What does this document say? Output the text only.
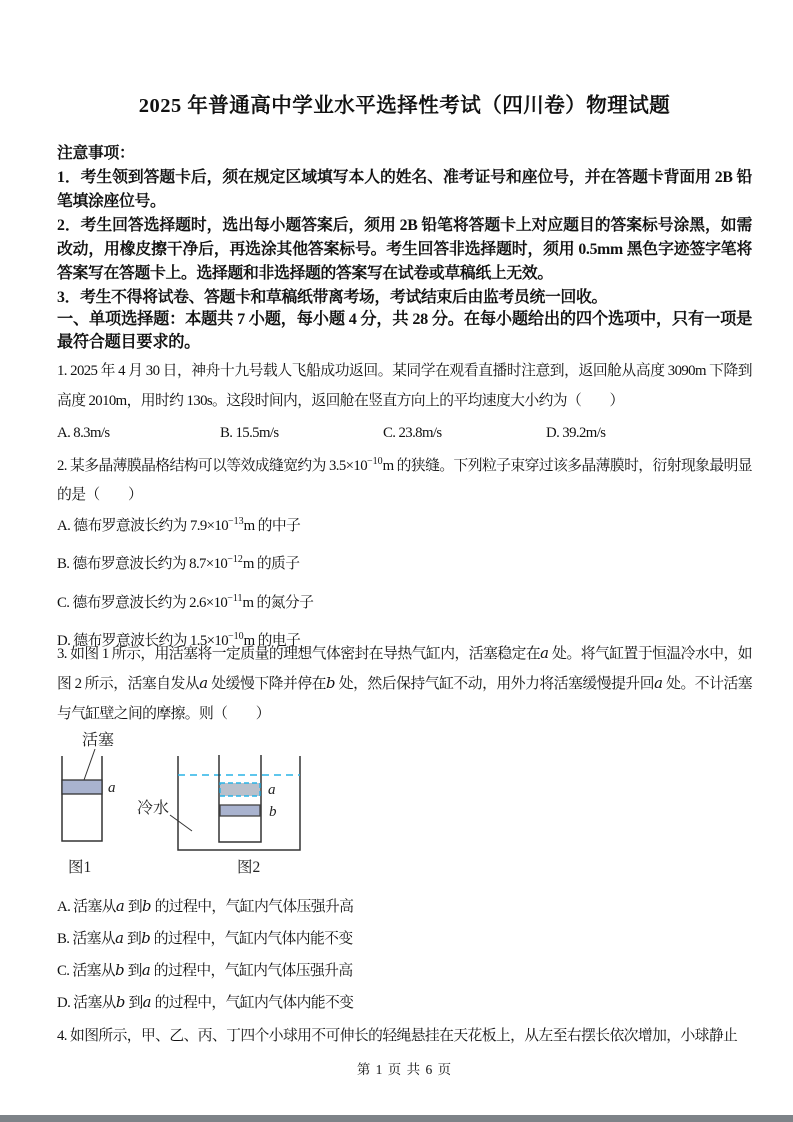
2025 年普通高中学业水平选择性考试（四川卷）物理试题

注意事项：

1．考生领到答题卡后，须在规定区域填写本人的姓名、准考证号和座位号，并在答题卡背面用 2B 铅笔填涂座位号。

2．考生回答选择题时，选出每小题答案后，须用 2B 铅笔将答题卡上对应题目的答案标号涂黑，如需改动，用橡皮擦干净后，再选涂其他答案标号。考生回答非选择题时，须用 0.5mm 黑色字迹签字笔将答案写在答题卡上。选择题和非选择题的答案写在试卷或草稿纸上无效。

3．考生不得将试卷、答题卡和草稿纸带离考场，考试结束后由监考员统一回收。

一、单项选择题：本题共 7 小题，每小题 4 分，共 28 分。在每小题给出的四个选项中，只有一项是最符合题目要求的。
1. 2025 年 4 月 30 日，神舟十九号载人飞船成功返回。某同学在观看直播时注意到，返回舱从高度 3090m 下降到高度 2010m，用时约 130s。这段时间内，返回舱在竖直方向上的平均速度大小约为（　　）
A. 8.3m/s	B. 15.5m/s	C. 23.8m/s	D. 39.2m/s
2. 某多晶薄膜晶格结构可以等效成缝宽约为 $3.5\times 10^{-10}m$ 的狭缝。下列粒子束穿过该多晶薄膜时，衍射现象最明显的是（　　）
A. 德布罗意波长约为 $7.9\times 10^{-13}m$ 的中子
B. 德布罗意波长约为 $8.7\times 10^{-12}m$ 的质子
C. 德布罗意波长约为 $2.6\times 10^{-11}m$ 的氮分子
D. 德布罗意波长约为 $1.5\times 10^{-10}m$ 的电子
3. 如图 1 所示，用活塞将一定质量的理想气体密封在导热气缸内，活塞稳定在a 处。将气缸置于恒温冷水中，如图 2 所示，活塞自发从a 处缓慢下降并停在b 处，然后保持气缸不动，用外力将活塞缓慢提升回a 处。不计活塞与气缸壁之间的摩擦。则（　　）
活塞
a
图1
a
b
冷水
图2
A. 活塞从a 到b 的过程中，气缸内气体压强升高
B. 活塞从a 到b 的过程中，气缸内气体内能不变
C. 活塞从b 到a 的过程中，气缸内气体压强升高
D. 活塞从b 到a 的过程中，气缸内气体内能不变
4. 如图所示，甲、乙、丙、丁四个小球用不可伸长的轻绳悬挂在天花板上，从左至右摆长依次增加，小球静止
第 1 页 共 6 页
